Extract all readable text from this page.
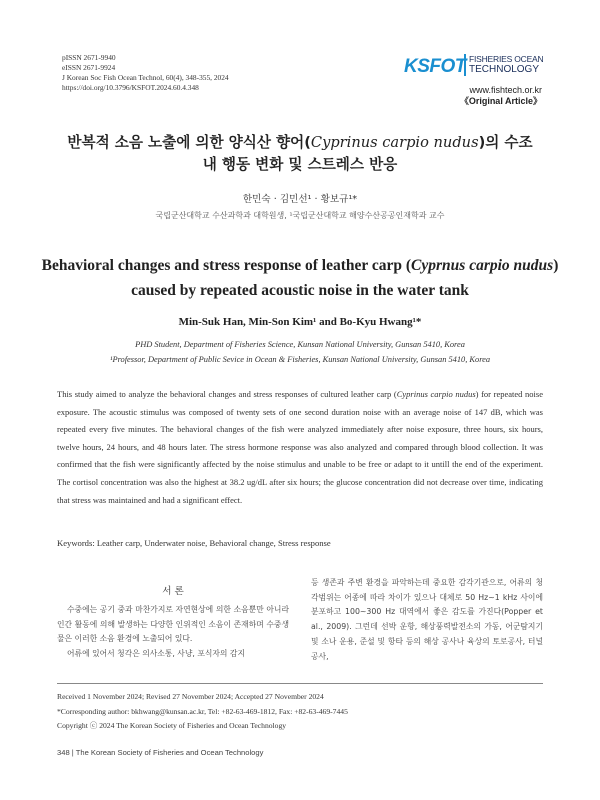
pISSN 2671-9940
eISSN 2671-9924
J Korean Soc Fish Ocean Technol, 60(4), 348-355, 2024
https://doi.org/10.3796/KSFOT.2024.60.4.348
KSFOT FISHERIES OCEAN
TECHNOLOGY
www.fishtech.or.kr
《Original Article》
반복적 소음 노출에 의한 양식산 향어(Cyprinus carpio nudus)의 수조
내 행동 변화 및 스트레스 반응
한민숙 · 김민선¹ · 황보규¹*
국립군산대학교 수산과학과 대학원생, ¹국립군산대학교 해양수산공공인재학과 교수
Behavioral changes and stress response of leather carp (Cyprnus carpio nudus)
caused by repeated acoustic noise in the water tank
Min-Suk Han, Min-Son Kim¹ and Bo-Kyu Hwang¹*
PHD Student, Department of Fisheries Science, Kunsan National University, Gunsan 5410, Korea
¹Professor, Department of Public Sevice in Ocean & Fisheries, Kunsan National University, Gunsan 5410, Korea
This study aimed to analyze the behavioral changes and stress responses of cultured leather carp (Cyprinus carpio nudus) for repeated noise exposure. The acoustic stimulus was composed of twenty sets of one second duration noise with an average noise of 147 dB, which was repeated every five minutes. The behavioral changes of the fish were analyzed immediately after noise exposure, three hours, six hours, twelve hours, 24 hours, and 48 hours later. The stress hormone response was also analyzed and compared through blood collection. It was confirmed that the fish were significantly affected by the noise stimulus and unable to be free or adapt to it untill the end of the experiment. The cortisol concentration was also the highest at 38.2 ug/dL after six hours; the glucose concentration did not decrease over time, indicating that stress was maintained and had a significant effect.
Keywords: Leather carp, Underwater noise, Behavioral change, Stress response
서 론
수중에는 공기 중과 마찬가지로 자연현상에 의한 소음뿐만 아니라 인간 활동에 의해 발생하는 다양한 인위적인 소음이 존재하며 수중생물은 이러한 소음 환경에 노출되어 있다.
어류에 있어서 청각은 의사소통, 사냥, 포식자의 감지
등 생존과 주변 환경을 파악하는데 중요한 감각기관으로, 어류의 청각범위는 어종에 따라 차이가 있으나 대체로 50 Hz~1 kHz 사이에 분포하고 100~300 Hz 대역에서 좋은 감도를 가진다(Popper et al., 2009). 그런데 선박 운항, 해상풍력발전소의 가동, 어군탐지기 및 소나 운용, 준설 및 항타 등의 해상 공사나 육상의 토로공사, 터널공사,
Received 1 November 2024; Revised 27 November 2024; Accepted 27 November 2024
*Corresponding author: bkhwang@kunsan.ac.kr, Tel: +82-63-469-1812, Fax: +82-63-469-7445
Copyright ⓒ 2024 The Korean Society of Fisheries and Ocean Technology
348 | The Korean Society of Fisheries and Ocean Technology
